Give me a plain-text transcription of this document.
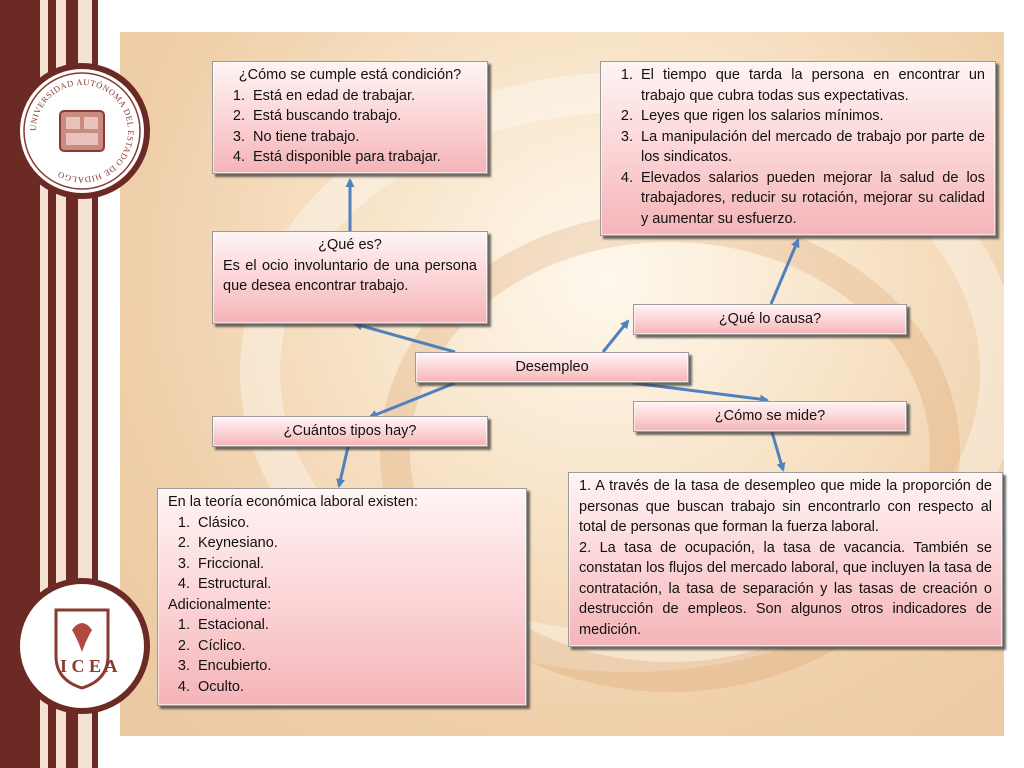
UNIVERSIDAD AUTÓNOMA DEL ESTADO DE HIDALGO
I C E A
¿Cómo se cumple está condición?
1. Está en edad de trabajar.
2. Está buscando trabajo.
3. No tiene trabajo.
4. Está disponible para trabajar.
¿Qué es?
Es el ocio involuntario de una persona que desea encontrar trabajo.
Desempleo
¿Cuántos tipos hay?
En la teoría económica laboral existen:
1. Clásico.
2. Keynesiano.
3. Friccional.
4. Estructural.
Adicionalmente:
1. Estacional.
2. Cíclico.
3. Encubierto.
4. Oculto.
1. El tiempo que tarda la persona en encontrar un trabajo que cubra todas sus expectativas.
2. Leyes que rigen los salarios mínimos.
3. La manipulación del mercado de trabajo por parte de los sindicatos.
4. Elevados salarios pueden mejorar la salud de los trabajadores, reducir su rotación, mejorar su calidad y aumentar su esfuerzo.
¿Qué lo causa?
¿Cómo se mide?
1. A través de la tasa de desempleo que mide la proporción de personas que buscan trabajo sin encontrarlo con respecto al total de personas que forman la fuerza laboral.
2. La tasa de ocupación, la tasa de vacancia. También se constatan los flujos del mercado laboral, que incluyen la tasa de contratación, la tasa de separación y las tasas de creación o destrucción de empleos. Son algunos otros indicadores de medición.
